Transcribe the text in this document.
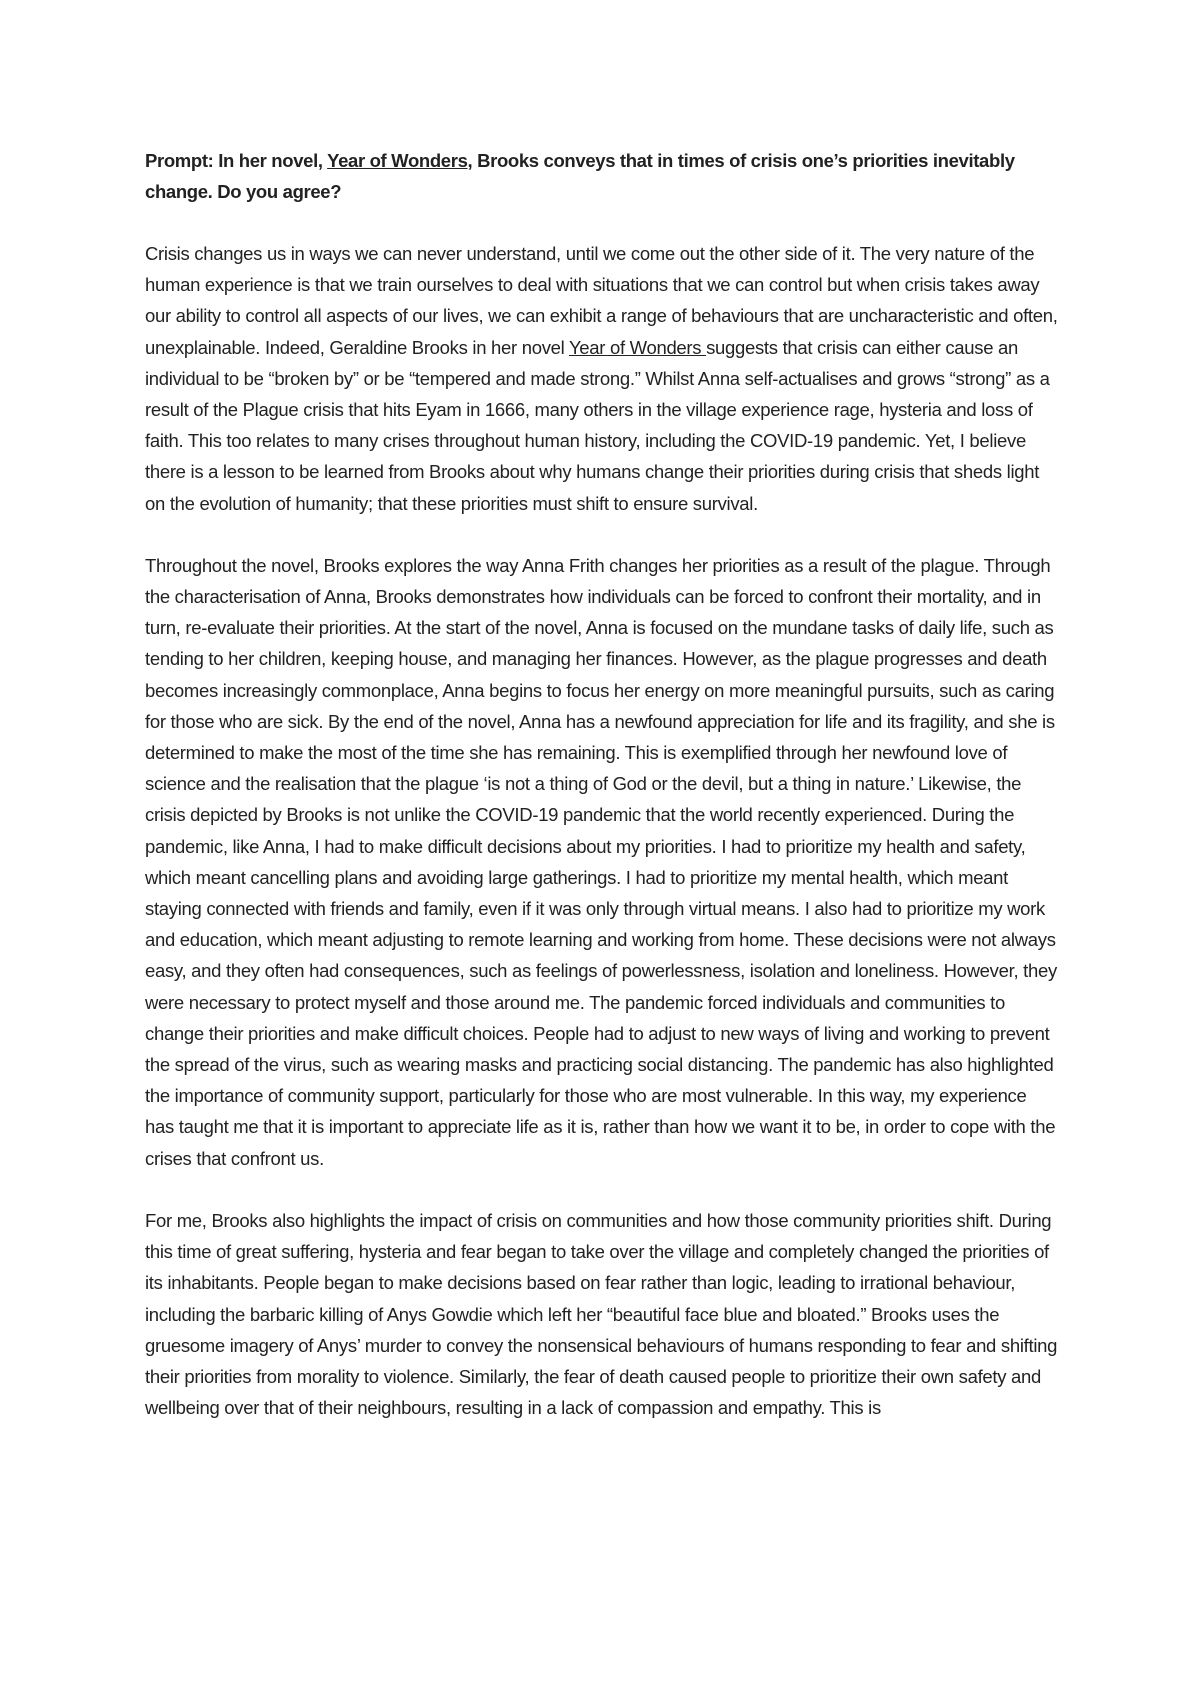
Prompt: In her novel, Year of Wonders, Brooks conveys that in times of crisis one’s priorities inevitably change. Do you agree?

Crisis changes us in ways we can never understand, until we come out the other side of it. The very nature of the human experience is that we train ourselves to deal with situations that we can control but when crisis takes away our ability to control all aspects of our lives, we can exhibit a range of behaviours that are uncharacteristic and often, unexplainable. Indeed, Geraldine Brooks in her novel Year of Wonders suggests that crisis can either cause an individual to be “broken by” or be “tempered and made strong.” Whilst Anna self-actualises and grows “strong” as a result of the Plague crisis that hits Eyam in 1666, many others in the village experience rage, hysteria and loss of faith. This too relates to many crises throughout human history, including the COVID-19 pandemic. Yet, I believe there is a lesson to be learned from Brooks about why humans change their priorities during crisis that sheds light on the evolution of humanity; that these priorities must shift to ensure survival.

Throughout the novel, Brooks explores the way Anna Frith changes her priorities as a result of the plague. Through the characterisation of Anna, Brooks demonstrates how individuals can be forced to confront their mortality, and in turn, re-evaluate their priorities. At the start of the novel, Anna is focused on the mundane tasks of daily life, such as tending to her children, keeping house, and managing her finances. However, as the plague progresses and death becomes increasingly commonplace, Anna begins to focus her energy on more meaningful pursuits, such as caring for those who are sick. By the end of the novel, Anna has a newfound appreciation for life and its fragility, and she is determined to make the most of the time she has remaining. This is exemplified through her newfound love of science and the realisation that the plague ‘is not a thing of God or the devil, but a thing in nature.’ Likewise, the crisis depicted by Brooks is not unlike the COVID-19 pandemic that the world recently experienced. During the pandemic, like Anna, I had to make difficult decisions about my priorities. I had to prioritize my health and safety, which meant cancelling plans and avoiding large gatherings. I had to prioritize my mental health, which meant staying connected with friends and family, even if it was only through virtual means. I also had to prioritize my work and education, which meant adjusting to remote learning and working from home. These decisions were not always easy, and they often had consequences, such as feelings of powerlessness, isolation and loneliness. However, they were necessary to protect myself and those around me. The pandemic forced individuals and communities to change their priorities and make difficult choices. People had to adjust to new ways of living and working to prevent the spread of the virus, such as wearing masks and practicing social distancing. The pandemic has also highlighted the importance of community support, particularly for those who are most vulnerable. In this way, my experience has taught me that it is important to appreciate life as it is, rather than how we want it to be, in order to cope with the crises that confront us.

For me, Brooks also highlights the impact of crisis on communities and how those community priorities shift. During this time of great suffering, hysteria and fear began to take over the village and completely changed the priorities of its inhabitants. People began to make decisions based on fear rather than logic, leading to irrational behaviour, including the barbaric killing of Anys Gowdie which left her “beautiful face blue and bloated.” Brooks uses the gruesome imagery of Anys’ murder to convey the nonsensical behaviours of humans responding to fear and shifting their priorities from morality to violence. Similarly, the fear of death caused people to prioritize their own safety and wellbeing over that of their neighbours, resulting in a lack of compassion and empathy. This is
